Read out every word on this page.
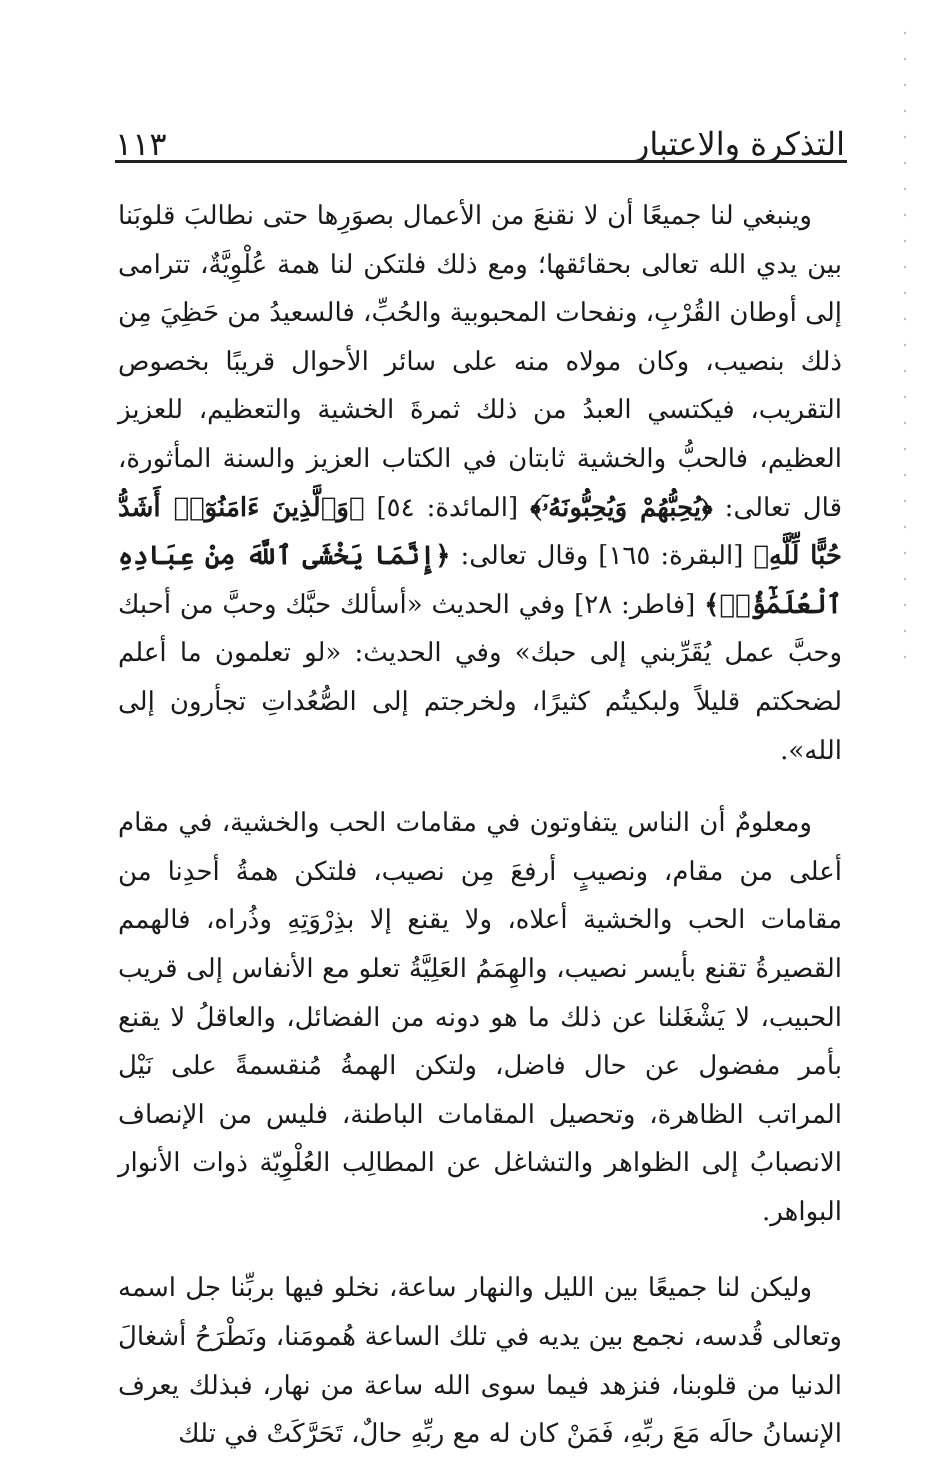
التذكرة والاعتبار
١١٣

وينبغي لنا جميعًا أن لا نقنعَ من الأعمال بصوَرِها حتى نطالبَ قلوبَنا بين يدي الله تعالى بحقائقها؛ ومع ذلك فلتكن لنا همة عُلْوِيَّةٌ، تترامى إلى أوطان القُرْبِ، ونفحات المحبوبية والحُبِّ، فالسعيدُ من حَظِيَ مِن ذلك بنصيب، وكان مولاه منه على سائر الأحوال قريبًا بخصوص التقريب، فيكتسي العبدُ من ذلك ثمرةَ الخشية والتعظيم، للعزيز العظيم، فالحبُّ والخشية ثابتان في الكتاب العزيز والسنة المأثورة، قال تعالى: ﴿يُحِبُّهُمْ وَيُحِبُّونَهُۥٓ﴾ [المائدة: ٥٤] ﴿وَٱلَّذِينَ ءَامَنُوٓا۟ أَشَدُّ حُبًّا لِّلَّهِ﴾ [البقرة: ١٦٥] وقال تعالى: ﴿إِنَّمَا يَخْشَى ٱللَّهَ مِنْ عِبَادِهِ ٱلْعُلَمَٰٓؤُا۟﴾ [فاطر: ٢٨] وفي الحديث «أسألك حبَّك وحبَّ من أحبك وحبَّ عمل يُقَرِّبني إلى حبك» وفي الحديث: «لو تعلمون ما أعلم لضحكتم قليلاً ولبكيتُم كثيرًا، ولخرجتم إلى الصُّعُداتِ تجأرون إلى الله».

ومعلومٌ أن الناس يتفاوتون في مقامات الحب والخشية، في مقام أعلى من مقام، ونصيبٍ أرفعَ مِن نصيب، فلتكن همةُ أحدِنا من مقامات الحب والخشية أعلاه، ولا يقنع إلا بذِرْوَتِهِ وذُراه، فالهمم القصيرةُ تقنع بأيسر نصيب، والهِمَمُ العَلِيَّةُ تعلو مع الأنفاس إلى قريب الحبيب، لا يَشْغَلنا عن ذلك ما هو دونه من الفضائل، والعاقلُ لا يقنع بأمر مفضول عن حال فاضل، ولتكن الهمةُ مُنقسمةً على نَيْل المراتب الظاهرة، وتحصيل المقامات الباطنة، فليس من الإنصاف الانصبابُ إلى الظواهر والتشاغل عن المطالِب العُلْوِيّة ذوات الأنوار البواهر.

وليكن لنا جميعًا بين الليل والنهار ساعة، نخلو فيها بربِّنا جل اسمه وتعالى قُدسه، نجمع بين يديه في تلك الساعة هُمومَنا، ونَطْرَحُ أشغالَ الدنيا من قلوبنا، فنزهد فيما سوى الله ساعة من نهار، فبذلك يعرف الإنسانُ حالَه مَعَ ربِّهِ، فَمَنْ كان له مع ربِّهِ حالٌ، تَحَرَّكَتْ في تلك
